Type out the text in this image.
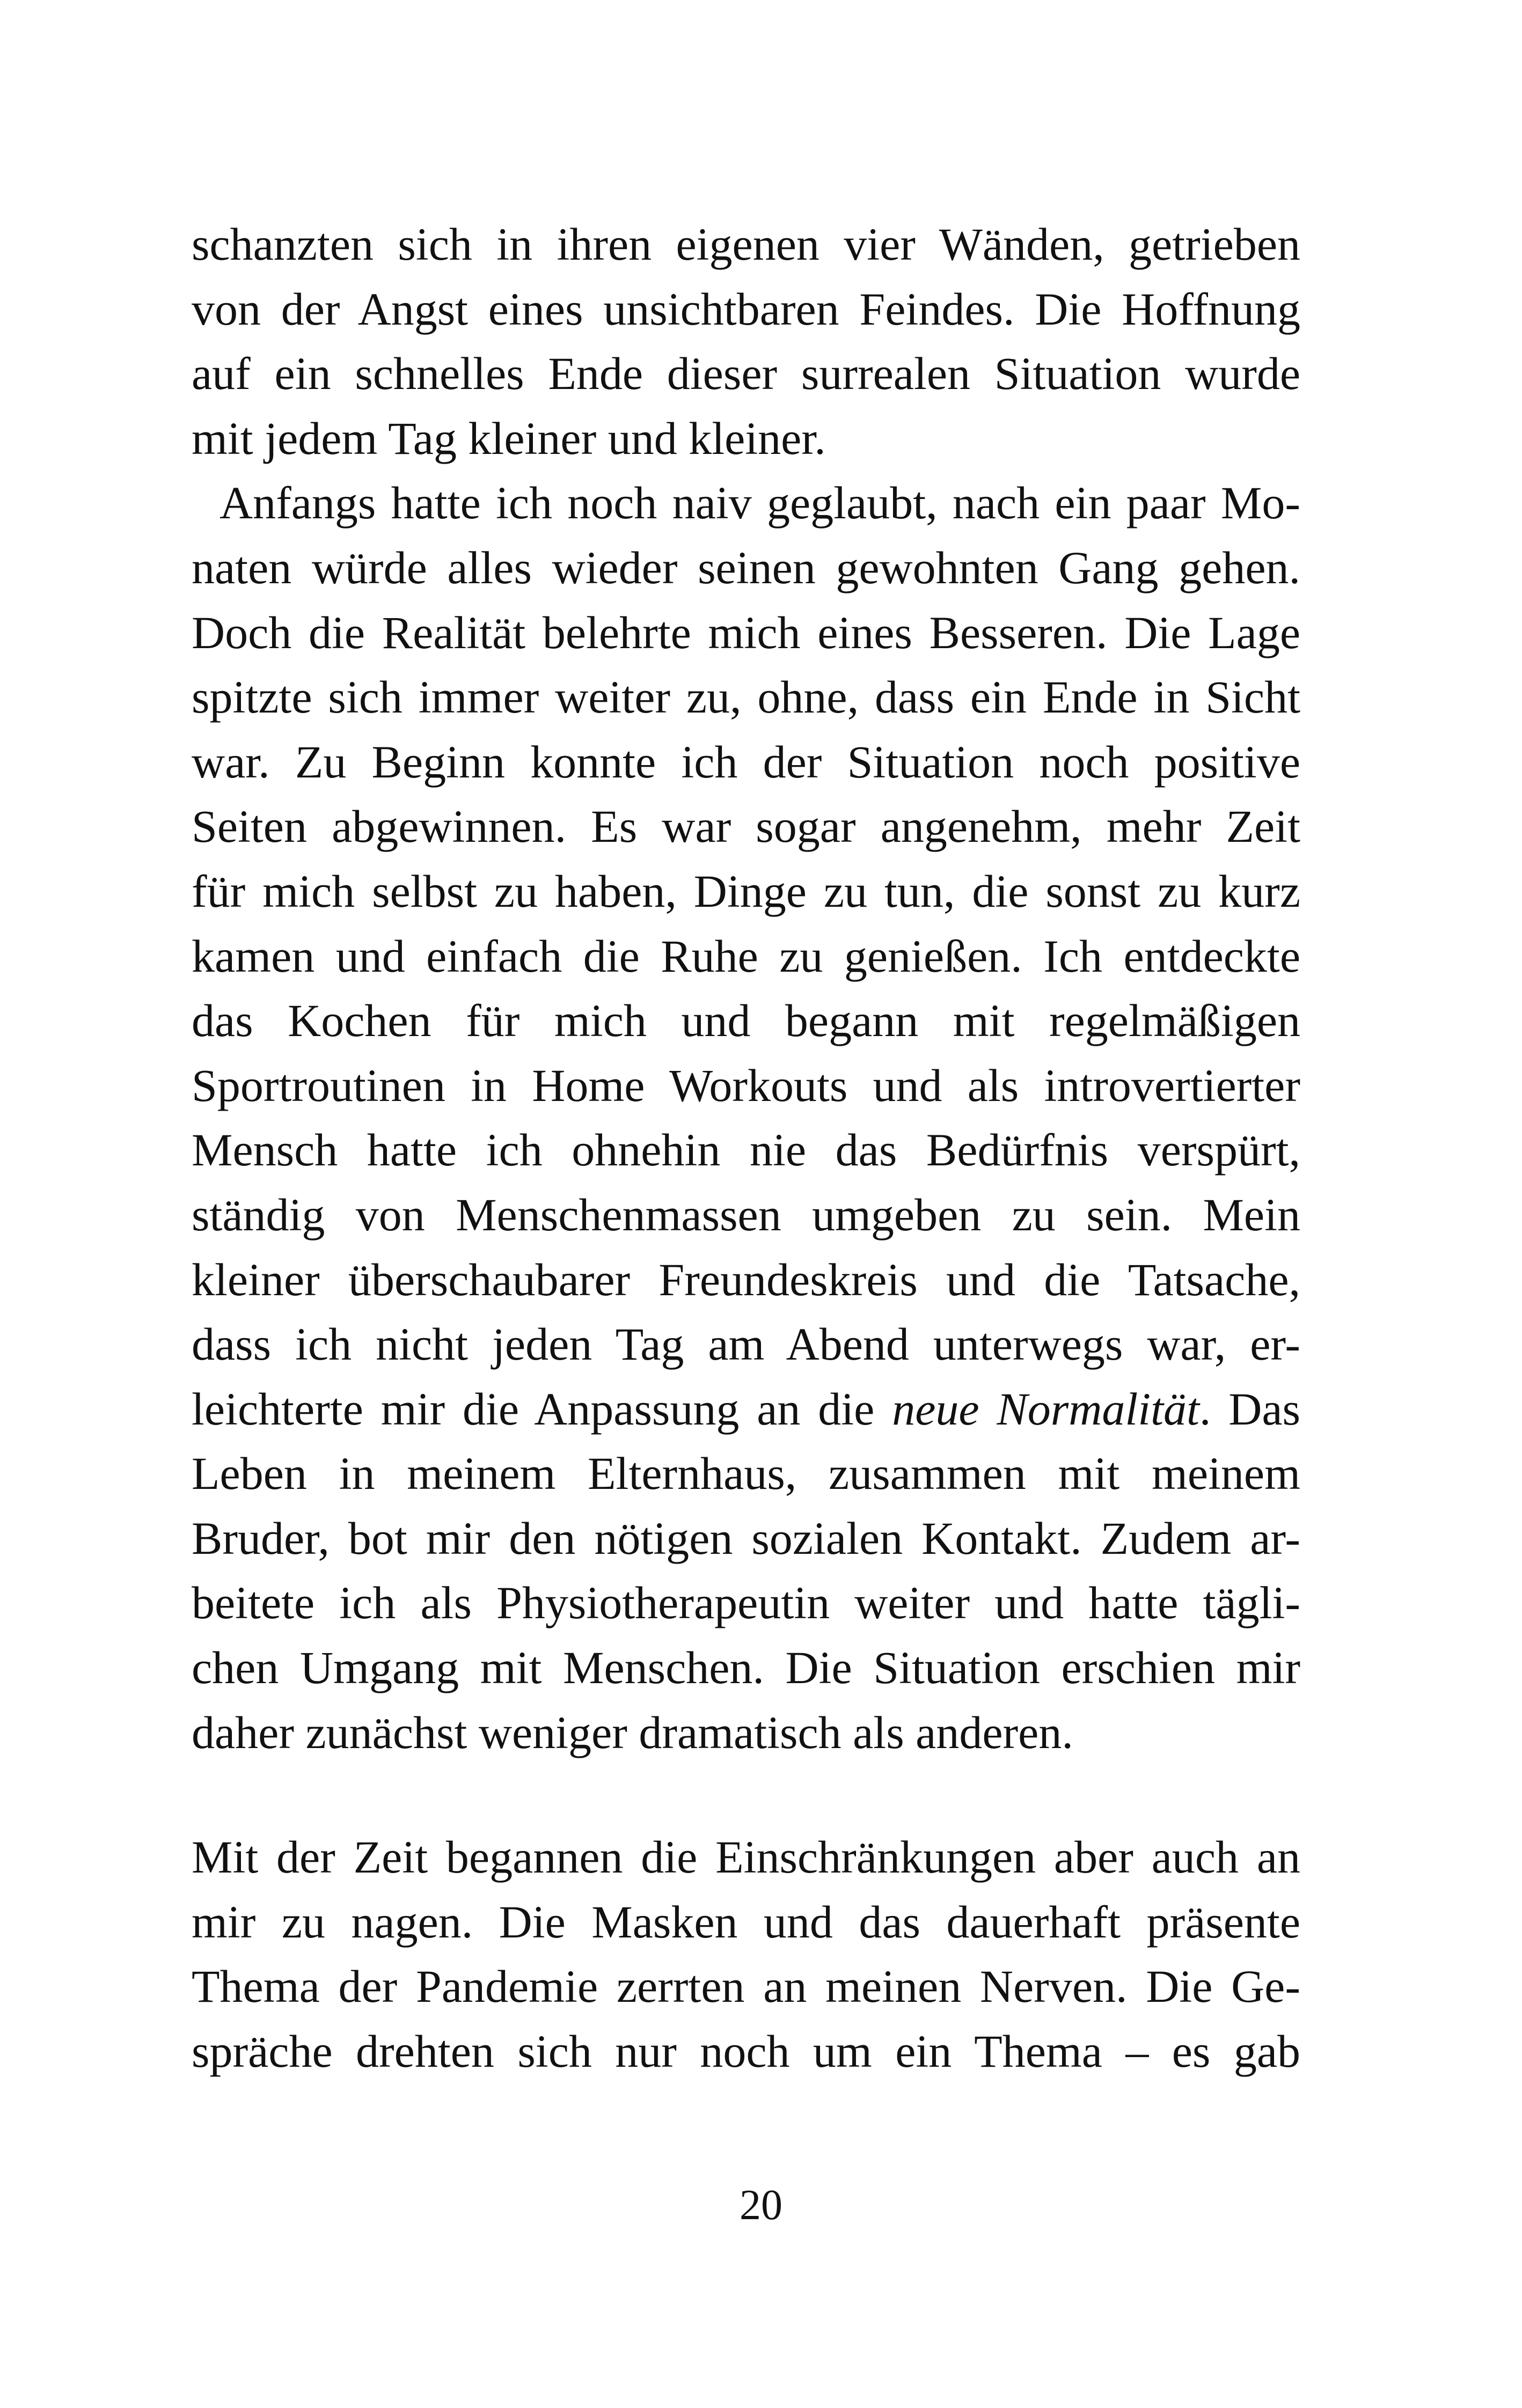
schanzten sich in ihren eigenen vier Wänden, getrieben
von der Angst eines unsichtbaren Feindes. Die Hoffnung
auf ein schnelles Ende dieser surrealen Situation wurde
mit jedem Tag kleiner und kleiner.
Anfangs hatte ich noch naiv geglaubt, nach ein paar Mo-
naten würde alles wieder seinen gewohnten Gang gehen.
Doch die Realität belehrte mich eines Besseren. Die Lage
spitzte sich immer weiter zu, ohne, dass ein Ende in Sicht
war. Zu Beginn konnte ich der Situation noch positive
Seiten abgewinnen. Es war sogar angenehm, mehr Zeit
für mich selbst zu haben, Dinge zu tun, die sonst zu kurz
kamen und einfach die Ruhe zu genießen. Ich entdeckte
das Kochen für mich und begann mit regelmäßigen
Sportroutinen in Home Workouts und als introvertierter
Mensch hatte ich ohnehin nie das Bedürfnis verspürt,
ständig von Menschenmassen umgeben zu sein. Mein
kleiner überschaubarer Freundeskreis und die Tatsache,
dass ich nicht jeden Tag am Abend unterwegs war, er-
leichterte mir die Anpassung an die neue Normalität. Das
Leben in meinem Elternhaus, zusammen mit meinem
Bruder, bot mir den nötigen sozialen Kontakt. Zudem ar-
beitete ich als Physiotherapeutin weiter und hatte tägli-
chen Umgang mit Menschen. Die Situation erschien mir
daher zunächst weniger dramatisch als anderen.
Mit der Zeit begannen die Einschränkungen aber auch an
mir zu nagen. Die Masken und das dauerhaft präsente
Thema der Pandemie zerrten an meinen Nerven. Die Ge-
spräche drehten sich nur noch um ein Thema – es gab
20
